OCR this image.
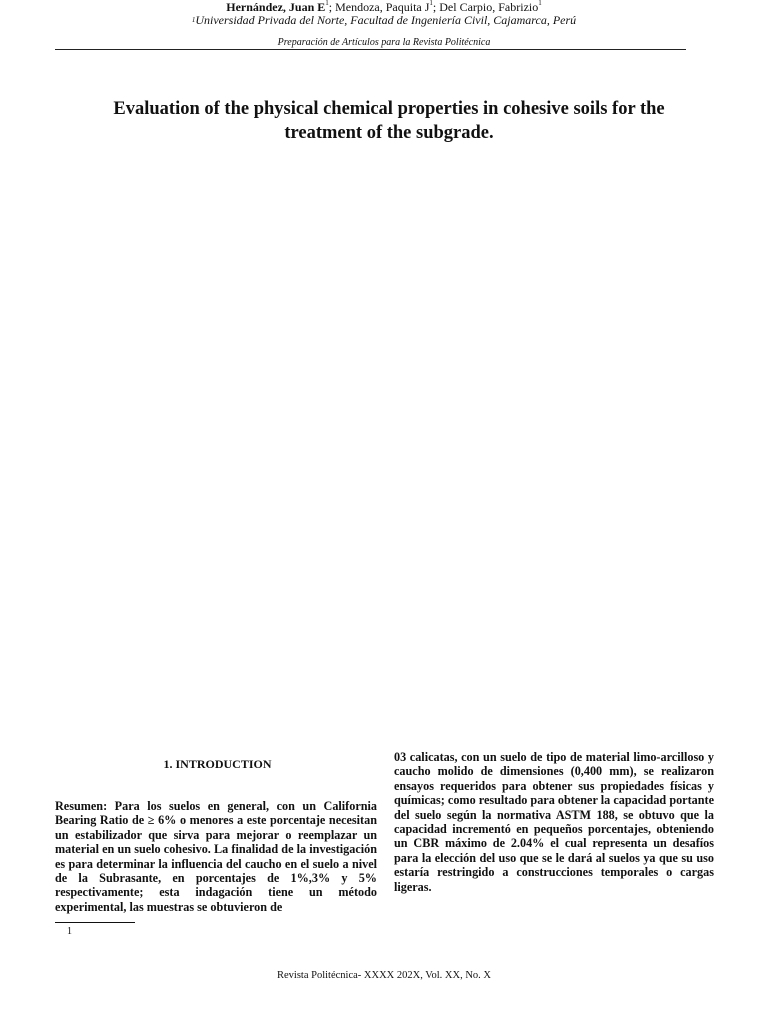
Hernández, Juan $E^1$; Mendoza, Paquita $J^1$; Del Carpio, Fabrizio$^1$
$^1$Universidad Privada del Norte, Facultad de Ingeniería Civil, Cajamarca, Perú
Preparación de Artículos para la Revista Politécnica
Evaluation of the physical chemical properties in cohesive soils for the treatment of the subgrade.
1. INTRODUCTION

Resumen: Para los suelos en general, con un California Bearing Ratio de ≥ 6% o menores a este porcentaje necesitan un estabilizador que sirva para mejorar o reemplazar un material en un suelo cohesivo. La finalidad de la investigación es para determinar la influencia del caucho en el suelo a nivel de la Subrasante, en porcentajes de 1%,3% y 5% respectivamente; esta indagación tiene un método experimental, las muestras se obtuvieron de

03 calicatas, con un suelo de tipo de material limo-arcilloso y caucho molido de dimensiones (0,400 mm), se realizaron ensayos requeridos para obtener sus propiedades físicas y químicas; como resultado para obtener la capacidad portante del suelo según la normativa ASTM 188, se obtuvo que la capacidad incrementó en pequeños porcentajes, obteniendo un CBR máximo de 2.04% el cual representa un desafíos para la elección del uso que se le dará al suelos ya que su uso estaría restringido a construcciones temporales o cargas ligeras.

1
Revista Politécnica- XXXX 202X, Vol. XX, No. X
